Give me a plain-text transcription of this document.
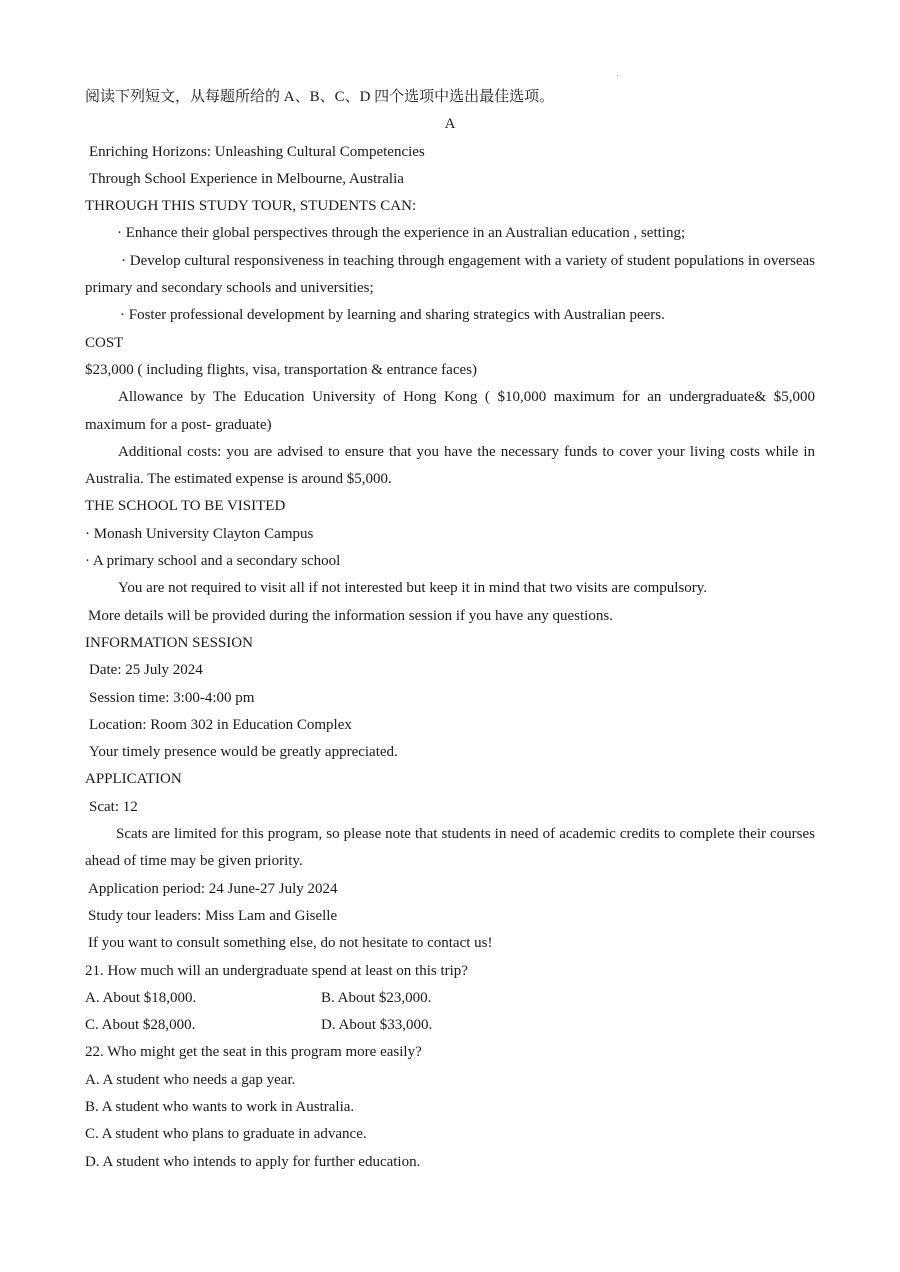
阅读下列短文，从每题所给的 A、B、C、D 四个选项中选出最佳选项。
A
Enriching Horizons: Unleashing Cultural Competencies
Through School Experience in Melbourne, Australia
THROUGH THIS STUDY TOUR, STUDENTS CAN:
· Enhance their global perspectives through the experience in an Australian education , setting;
· Develop cultural responsiveness in teaching through engagement with a variety of student populations in overseas primary and secondary schools and universities;
· Foster professional development by learning and sharing strategics with Australian peers.
COST
$23,000 ( including flights, visa, transportation & entrance faces)
Allowance by The Education University of Hong Kong ( $10,000 maximum for an undergraduate& $5,000 maximum for a post- graduate)
Additional costs: you are advised to ensure that you have the necessary funds to cover your living costs while in Australia. The estimated expense is around $5,000.
THE SCHOOL TO BE VISITED
· Monash University Clayton Campus
· A primary school and a secondary school
You are not required to visit all if not interested but keep it in mind that two visits are compulsory.
More details will be provided during the information session if you have any questions.
INFORMATION SESSION
Date: 25 July 2024
Session time: 3:00-4:00 pm
Location: Room 302 in Education Complex
Your timely presence would be greatly appreciated.
APPLICATION
Scat: 12
Scats are limited for this program, so please note that students in need of academic credits to complete their courses ahead of time may be given priority.
Application period: 24 June-27 July 2024
Study tour leaders: Miss Lam and Giselle
If you want to consult something else, do not hesitate to contact us!
21. How much will an undergraduate spend at least on this trip?
A. About $18,000.	B. About $23,000.
C. About $28,000.	D. About $33,000.
22. Who might get the seat in this program more easily?
A. A student who needs a gap year.
B. A student who wants to work in Australia.
C. A student who plans to graduate in advance.
D. A student who intends to apply for further education.
